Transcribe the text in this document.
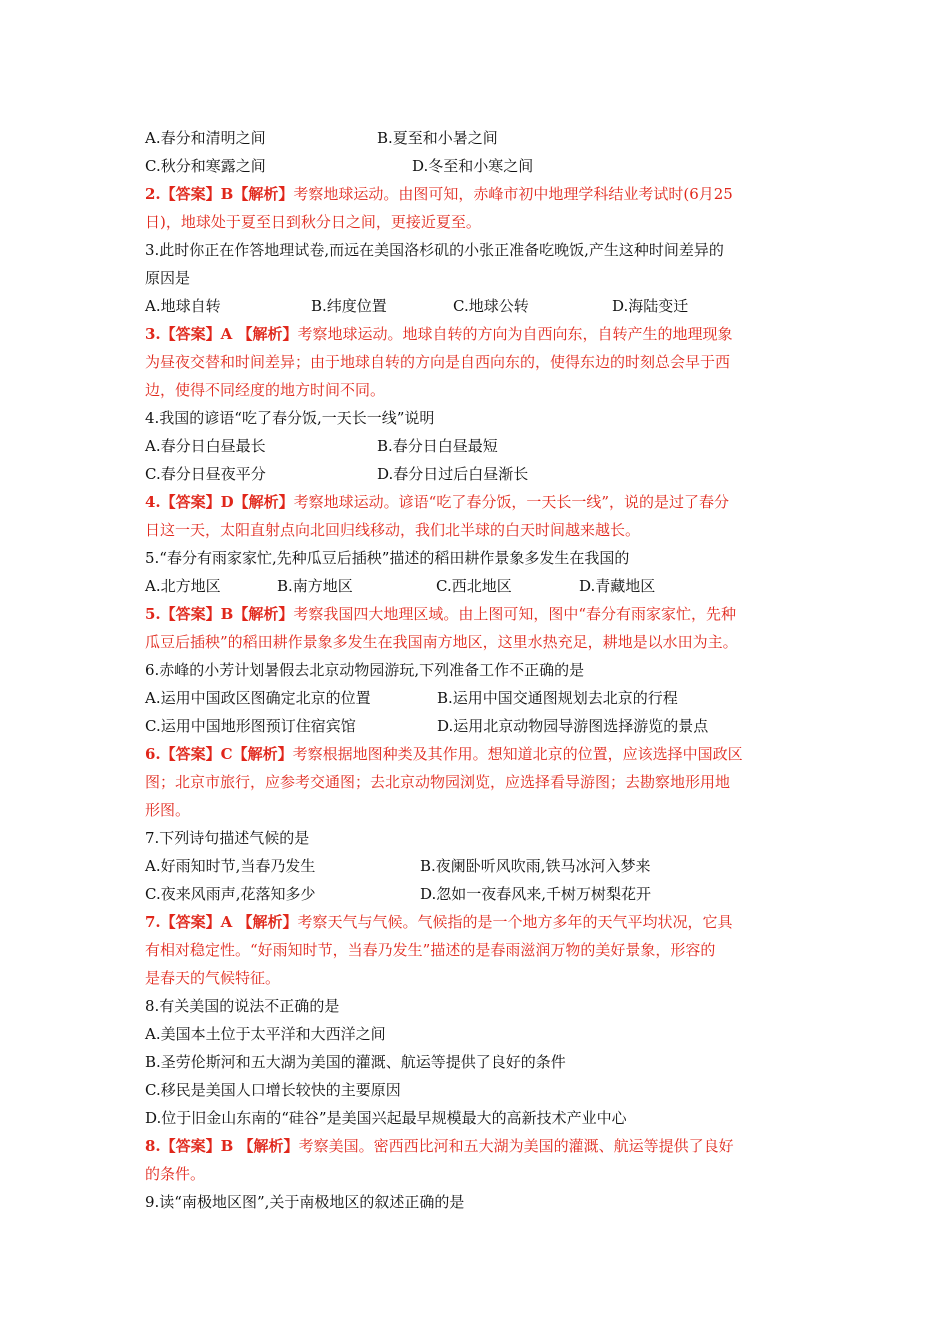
A.春分和清明之间	B.夏至和小暑之间
C.秋分和寒露之间	D.冬至和小寒之间
2.【答案】B【解析】考察地球运动。由图可知，赤峰市初中地理学科结业考试时(6月25
日)，地球处于夏至日到秋分日之间，更接近夏至。
3.此时你正在作答地理试卷,而远在美国洛杉矶的小张正准备吃晚饭,产生这种时间差异的
原因是
A.地球自转	B.纬度位置	C.地球公转	D.海陆变迁
3.【答案】A 【解析】考察地球运动。地球自转的方向为自西向东，自转产生的地理现象
为昼夜交替和时间差异；由于地球自转的方向是自西向东的，使得东边的时刻总会早于西
边，使得不同经度的地方时间不同。
4.我国的谚语“吃了春分饭,一天长一线”说明
A.春分日白昼最长	B.春分日白昼最短
C.春分日昼夜平分	D.春分日过后白昼渐长
4.【答案】D【解析】考察地球运动。谚语“吃了春分饭，一天长一线”，说的是过了春分
日这一天，太阳直射点向北回归线移动，我们北半球的白天时间越来越长。
5.“春分有雨家家忙,先种瓜豆后插秧”描述的稻田耕作景象多发生在我国的
A.北方地区	B.南方地区	C.西北地区	D.青藏地区
5.【答案】B【解析】考察我国四大地理区域。由上图可知，图中“春分有雨家家忙，先种
瓜豆后插秧”的稻田耕作景象多发生在我国南方地区，这里水热充足，耕地是以水田为主。
6.赤峰的小芳计划暑假去北京动物园游玩,下列准备工作不正确的是
A.运用中国政区图确定北京的位置	B.运用中国交通图规划去北京的行程
C.运用中国地形图预订住宿宾馆	D.运用北京动物园导游图选择游览的景点
6.【答案】C【解析】考察根据地图种类及其作用。想知道北京的位置，应该选择中国政区
图；北京市旅行，应参考交通图；去北京动物园浏览，应选择看导游图；去勘察地形用地
形图。
7.下列诗句描述气候的是
A.好雨知时节,当春乃发生	B.夜阑卧听风吹雨,铁马冰河入梦来
C.夜来风雨声,花落知多少	D.忽如一夜春风来,千树万树梨花开
7.【答案】A 【解析】考察天气与气候。气候指的是一个地方多年的天气平均状况，它具
有相对稳定性。“好雨知时节，当春乃发生”描述的是春雨滋润万物的美好景象，形容的
是春天的气候特征。
8.有关美国的说法不正确的是
A.美国本土位于太平洋和大西洋之间
B.圣劳伦斯河和五大湖为美国的灌溉、航运等提供了良好的条件
C.移民是美国人口增长较快的主要原因
D.位于旧金山东南的“硅谷”是美国兴起最早规模最大的高新技术产业中心
8.【答案】B 【解析】考察美国。密西西比河和五大湖为美国的灌溉、航运等提供了良好
的条件。
9.读“南极地区图”,关于南极地区的叙述正确的是
